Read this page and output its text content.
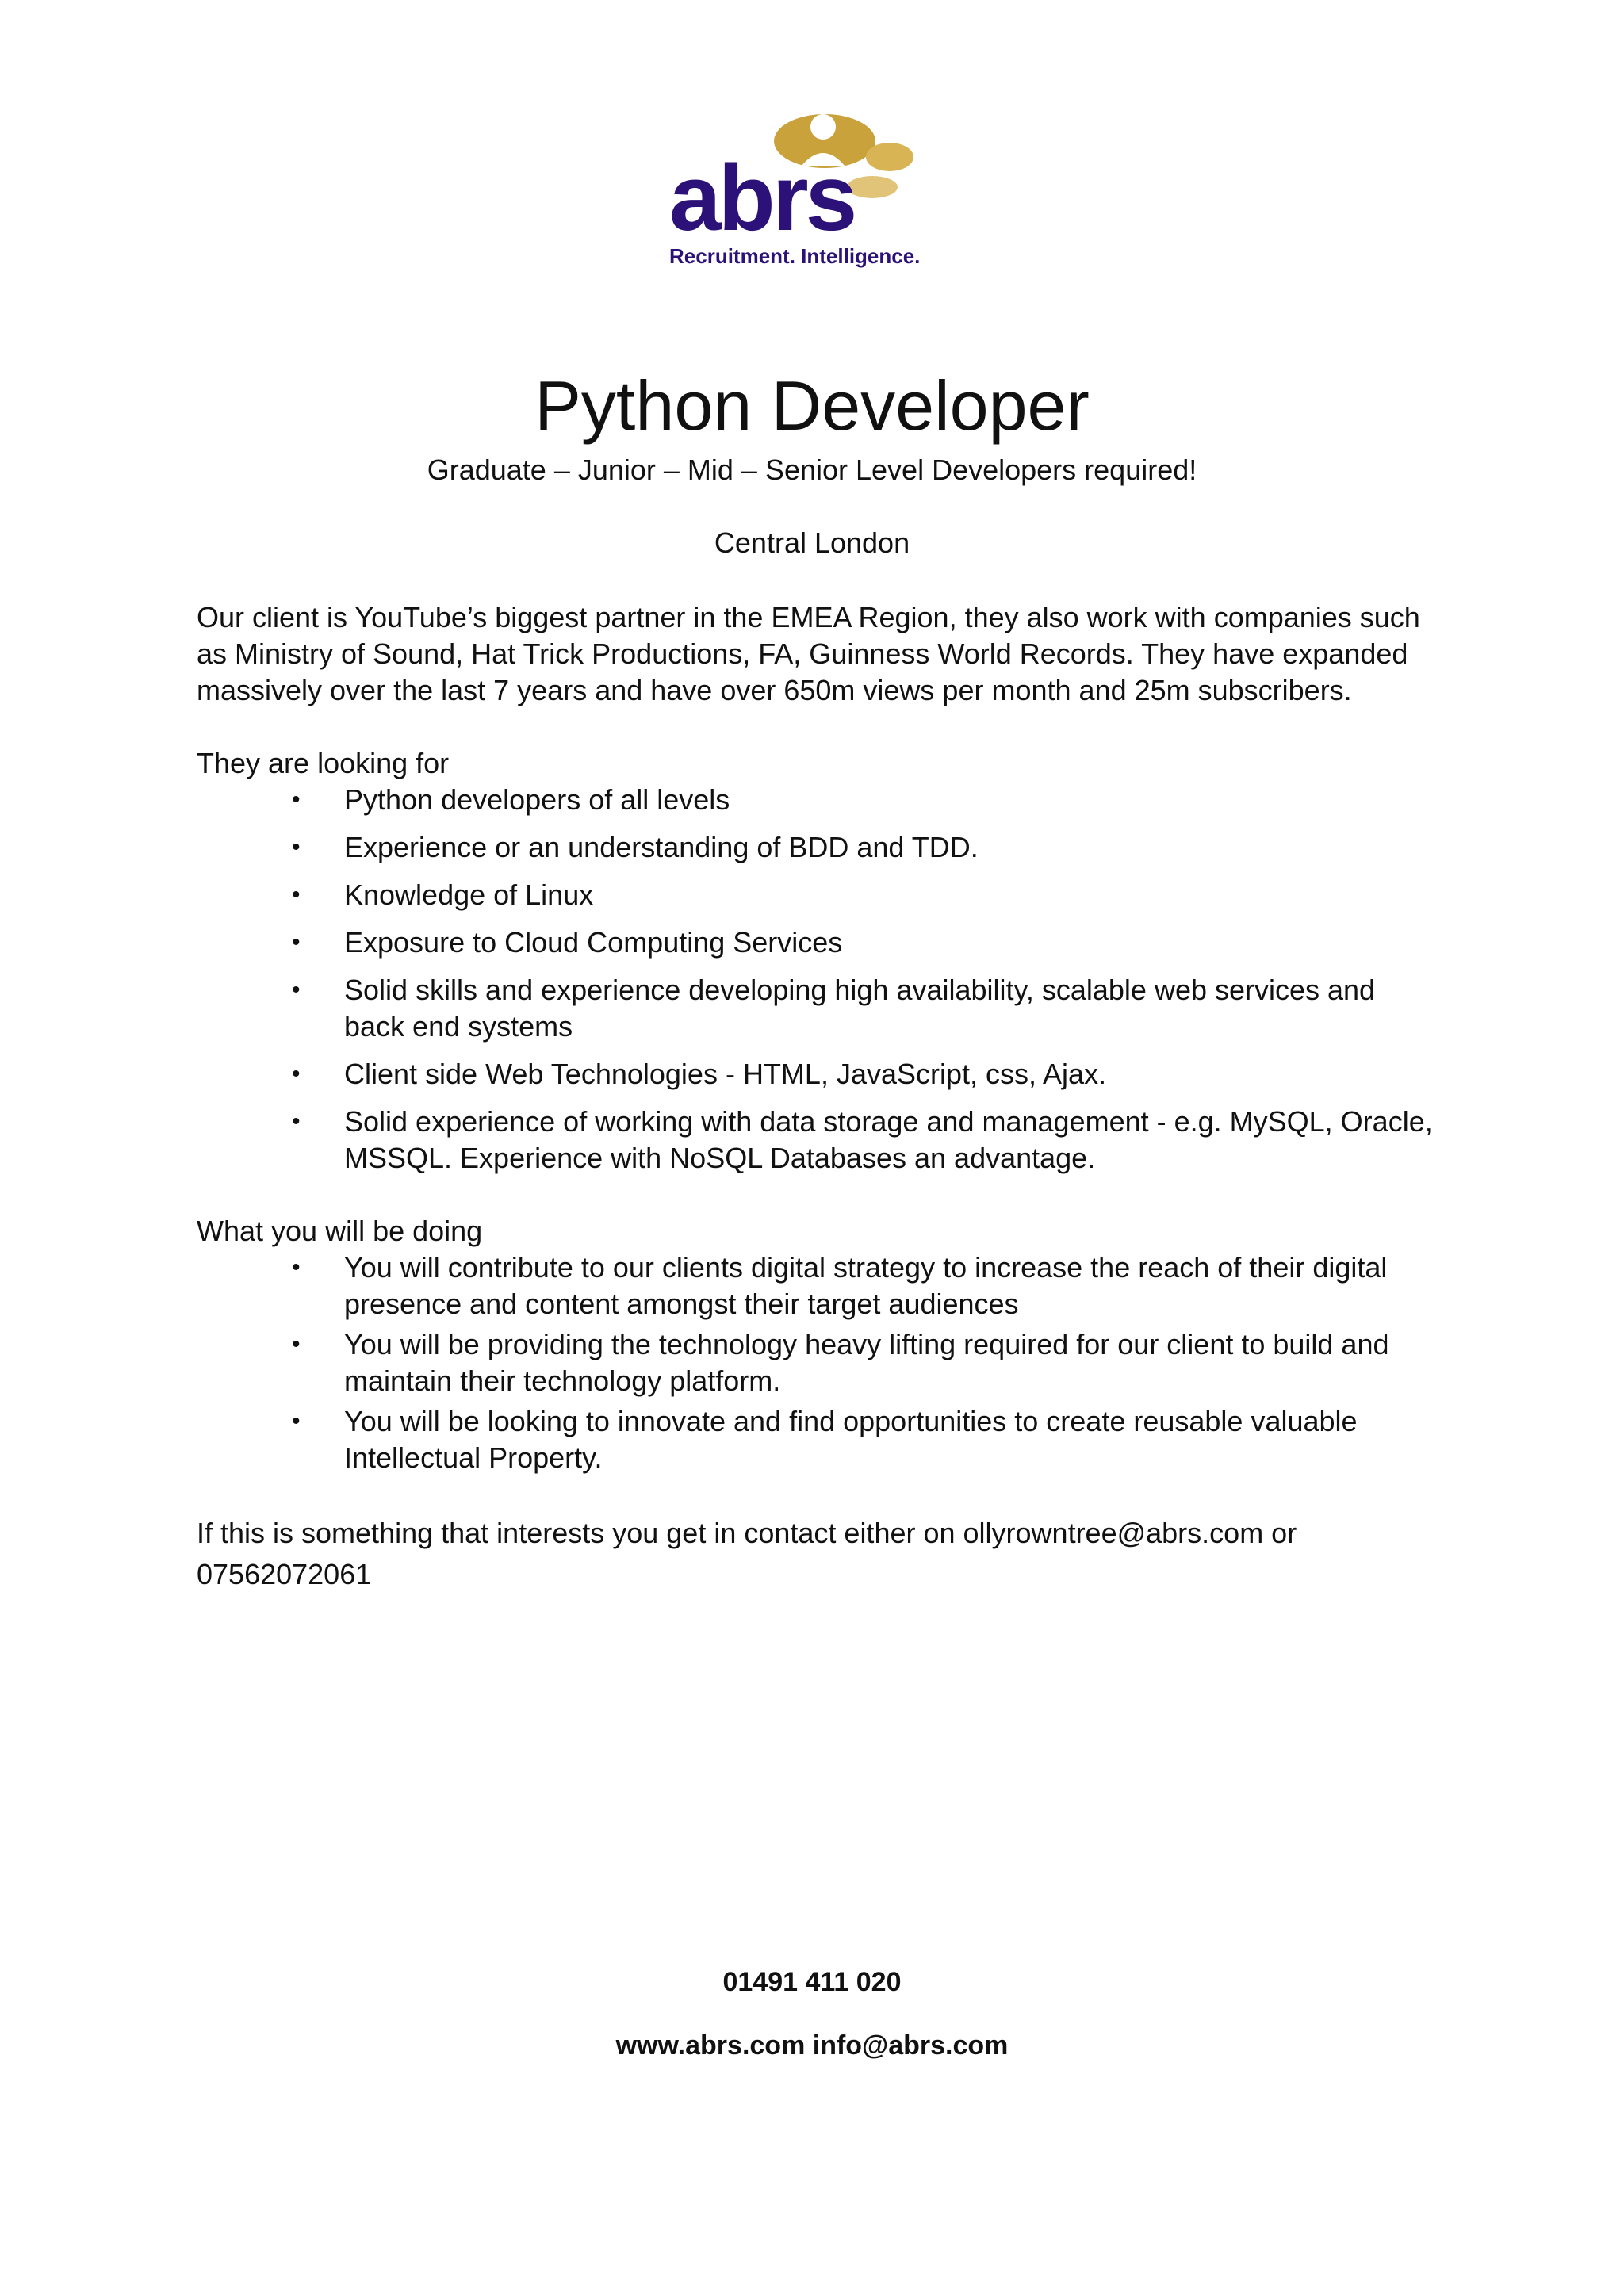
abrs
Recruitment. Intelligence.
Python Developer
Graduate – Junior – Mid – Senior Level Developers required!
Central London

Our client is YouTube’s biggest partner in the EMEA Region, they also work with companies such as Ministry of Sound, Hat Trick Productions, FA, Guinness World Records. They have expanded massively over the last 7 years and have over 650m views per month and 25m subscribers.

They are looking for

• Python developers of all levels
• Experience or an understanding of BDD and TDD.
• Knowledge of Linux
• Exposure to Cloud Computing Services
• Solid skills and experience developing high availability, scalable web services and back end systems
• Client side Web Technologies - HTML, JavaScript, css, Ajax.
• Solid experience of working with data storage and management - e.g. MySQL, Oracle, MSSQL. Experience with NoSQL Databases an advantage.

What you will be doing

• You will contribute to our clients digital strategy to increase the reach of their digital presence and content amongst their target audiences
• You will be providing the technology heavy lifting required for our client to build and maintain their technology platform.
• You will be looking to innovate and find opportunities to create reusable valuable Intellectual Property.

If this is something that interests you get in contact either on ollyrowntree@abrs.com or

07562072061

01491 411 020
www.abrs.com info@abrs.com
